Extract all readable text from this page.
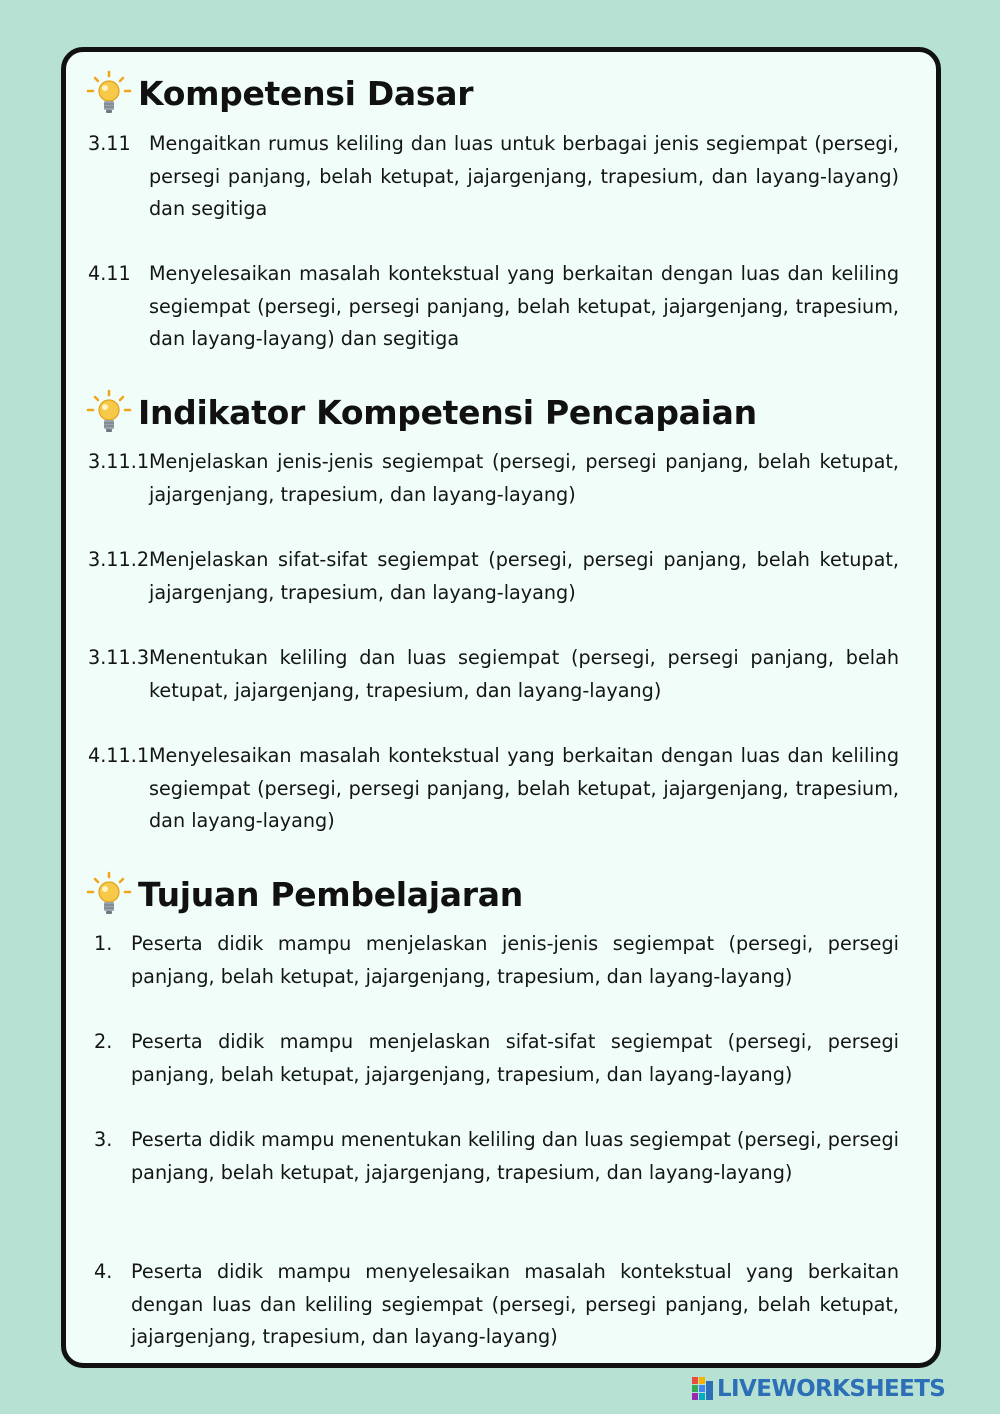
Kompetensi Dasar
3.11 Mengaitkan rumus keliling dan luas untuk berbagai jenis segiempat (persegi, persegi panjang, belah ketupat, jajargenjang, trapesium, dan layang-layang) dan segitiga
4.11 Menyelesaikan masalah kontekstual yang berkaitan dengan luas dan keliling segiempat (persegi, persegi panjang, belah ketupat, jajargenjang, trapesium, dan layang-layang) dan segitiga
Indikator Kompetensi Pencapaian
3.11.1 Menjelaskan jenis-jenis segiempat (persegi, persegi panjang, belah ketupat, jajargenjang, trapesium, dan layang-layang)
3.11.2 Menjelaskan sifat-sifat segiempat (persegi, persegi panjang, belah ketupat, jajargenjang, trapesium, dan layang-layang)
3.11.3 Menentukan keliling dan luas segiempat (persegi, persegi panjang, belah ketupat, jajargenjang, trapesium, dan layang-layang)
4.11.1 Menyelesaikan masalah kontekstual yang berkaitan dengan luas dan keliling segiempat (persegi, persegi panjang, belah ketupat, jajargenjang, trapesium, dan layang-layang)
Tujuan Pembelajaran
1. Peserta didik mampu menjelaskan jenis-jenis segiempat (persegi, persegi panjang, belah ketupat, jajargenjang, trapesium, dan layang-layang)
2. Peserta didik mampu menjelaskan sifat-sifat segiempat (persegi, persegi panjang, belah ketupat, jajargenjang, trapesium, dan layang-layang)
3. Peserta didik mampu menentukan keliling dan luas segiempat (persegi, persegi panjang, belah ketupat, jajargenjang, trapesium, dan layang-layang)
4. Peserta didik mampu menyelesaikan masalah kontekstual yang berkaitan dengan luas dan keliling segiempat (persegi, persegi panjang, belah ketupat, jajargenjang, trapesium, dan layang-layang)
LIVEWORKSHEETS
